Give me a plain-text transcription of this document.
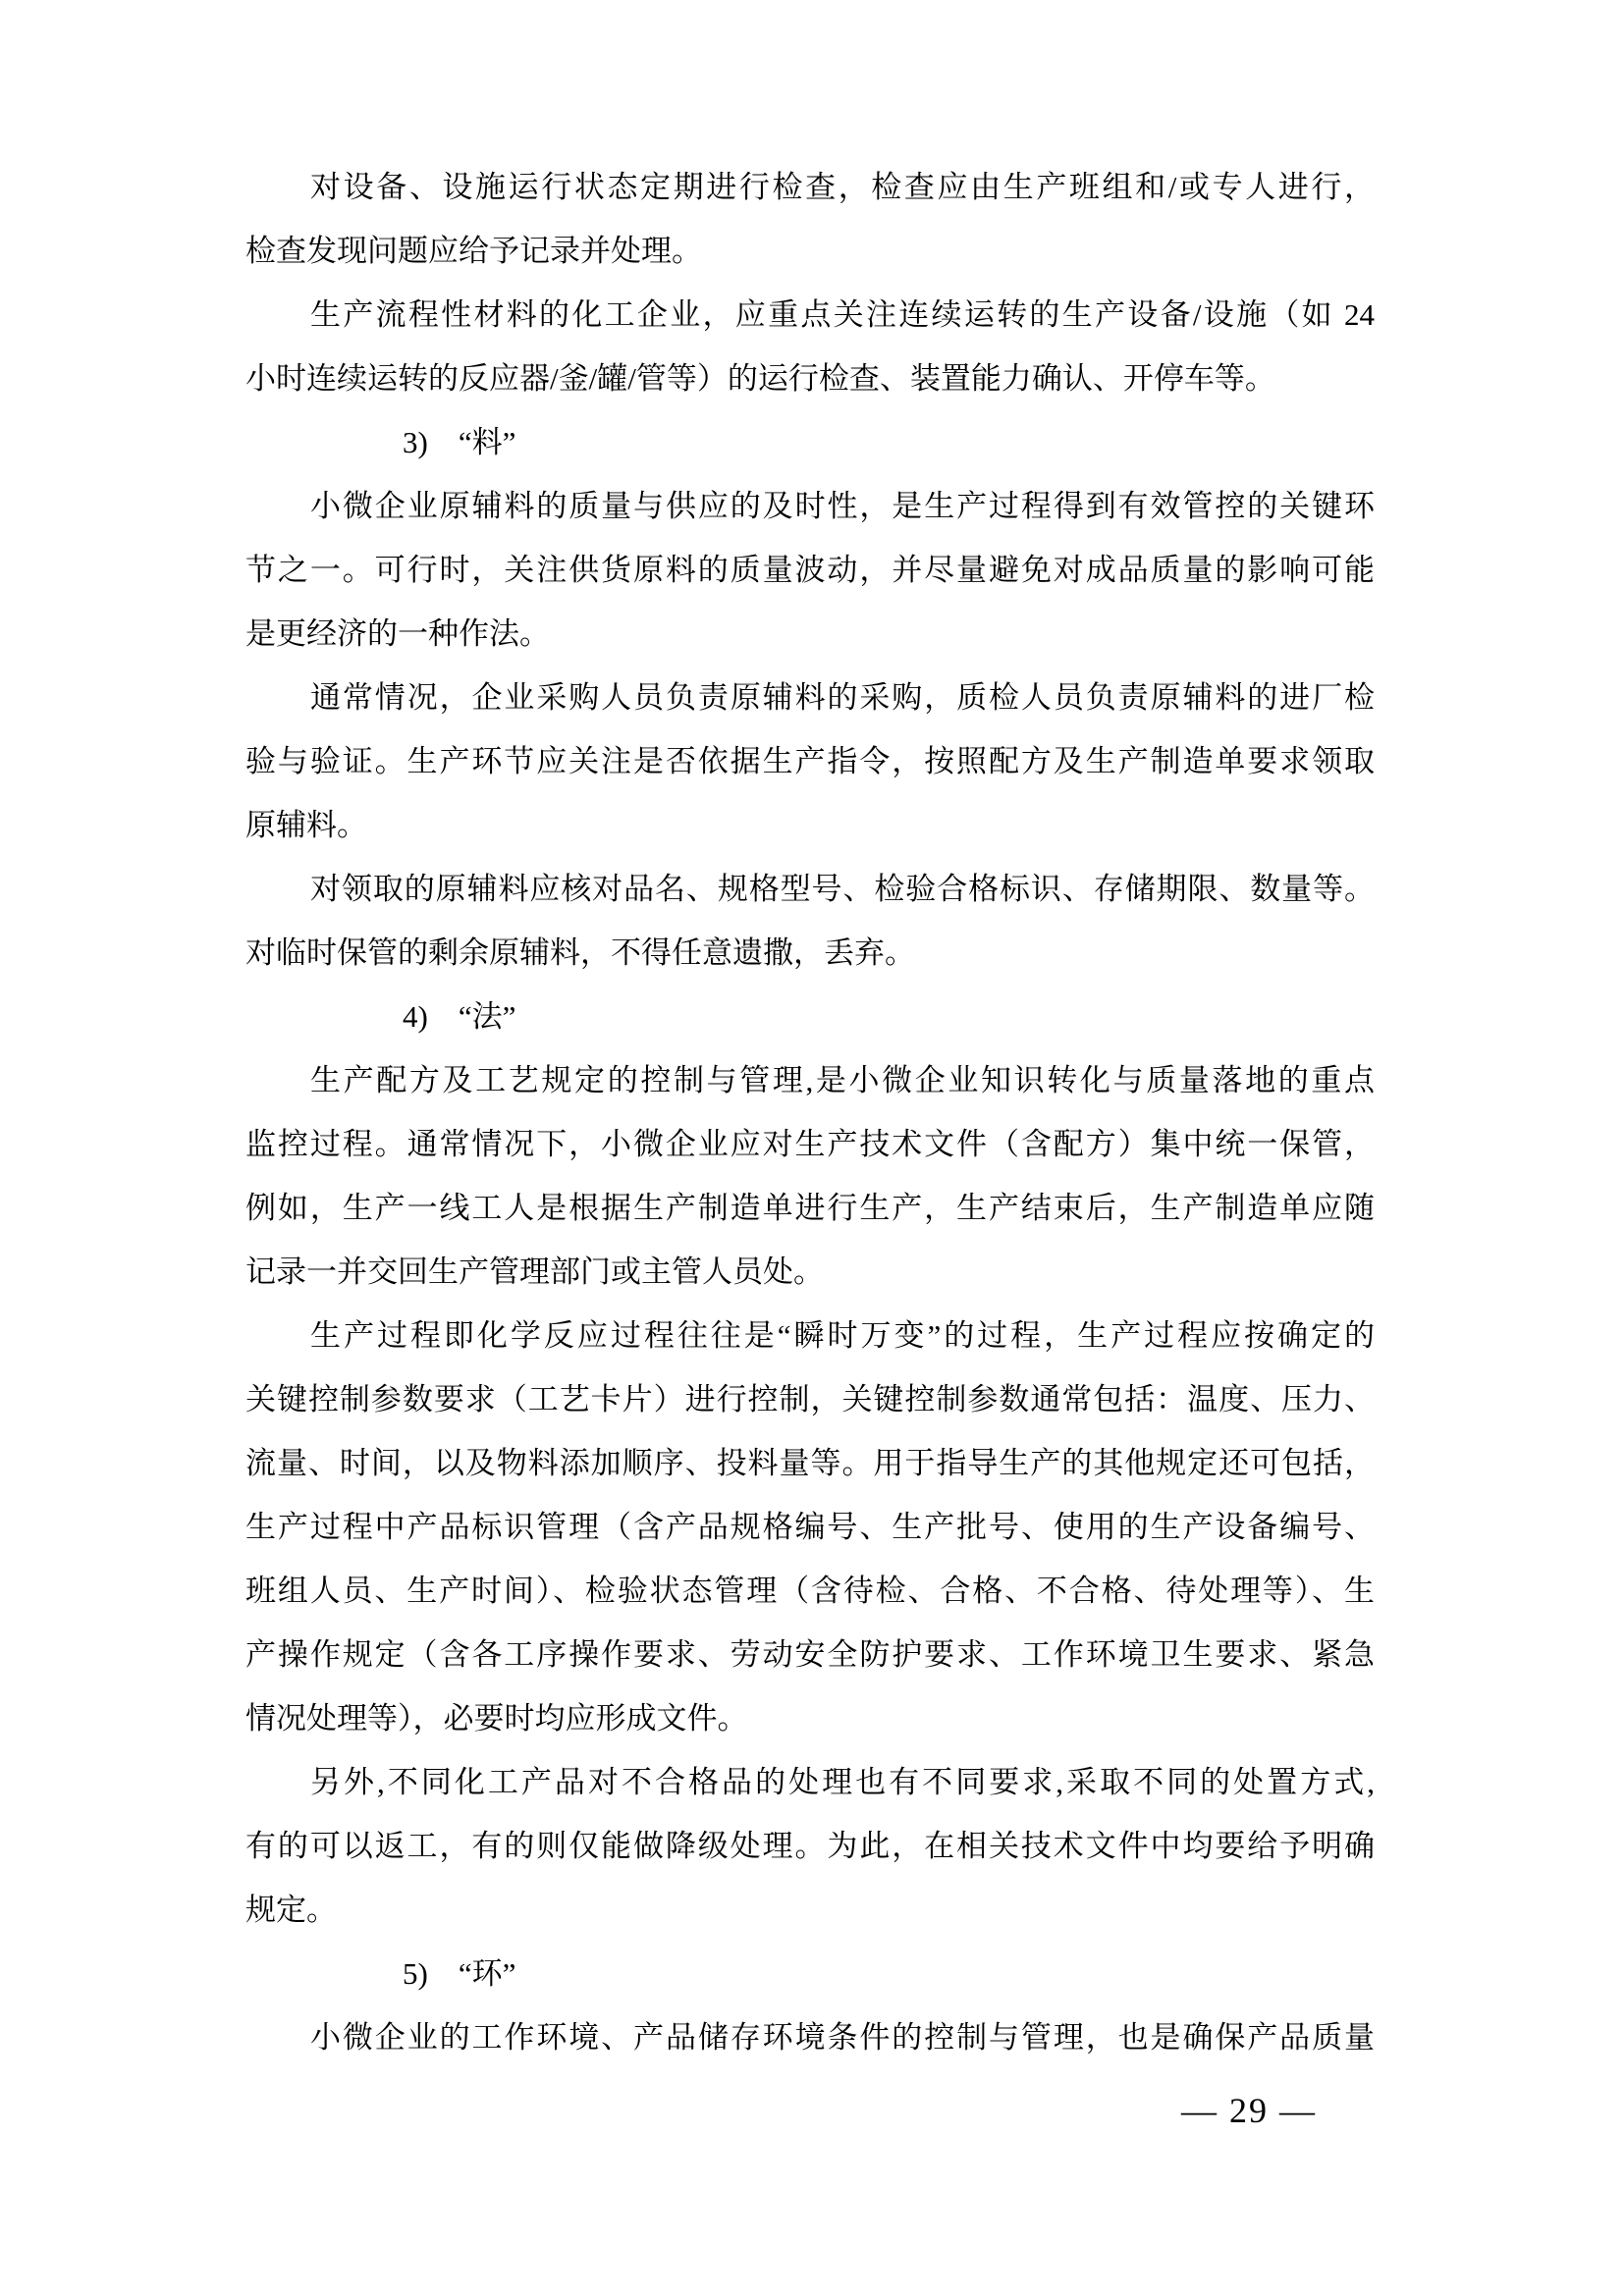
对设备、设施运行状态定期进行检查，检查应由生产班组和/或专人进行，
检查发现问题应给予记录并处理。
生产流程性材料的化工企业，应重点关注连续运转的生产设备/设施（如 24
小时连续运转的反应器/釜/罐/管等）的运行检查、装置能力确认、开停车等。
3)　“料”
小微企业原辅料的质量与供应的及时性，是生产过程得到有效管控的关键环
节之一。可行时，关注供货原料的质量波动，并尽量避免对成品质量的影响可能
是更经济的一种作法。
通常情况，企业采购人员负责原辅料的采购，质检人员负责原辅料的进厂检
验与验证。生产环节应关注是否依据生产指令，按照配方及生产制造单要求领取
原辅料。
对领取的原辅料应核对品名、规格型号、检验合格标识、存储期限、数量等。
对临时保管的剩余原辅料，不得任意遗撒，丢弃。
4)　“法”
生产配方及工艺规定的控制与管理,是小微企业知识转化与质量落地的重点
监控过程。通常情况下，小微企业应对生产技术文件（含配方）集中统一保管，
例如，生产一线工人是根据生产制造单进行生产，生产结束后，生产制造单应随
记录一并交回生产管理部门或主管人员处。
生产过程即化学反应过程往往是“瞬时万变”的过程，生产过程应按确定的
关键控制参数要求（工艺卡片）进行控制，关键控制参数通常包括：温度、压力、
流量、时间，以及物料添加顺序、投料量等。用于指导生产的其他规定还可包括，
生产过程中产品标识管理（含产品规格编号、生产批号、使用的生产设备编号、
班组人员、生产时间）、检验状态管理（含待检、合格、不合格、待处理等）、生
产操作规定（含各工序操作要求、劳动安全防护要求、工作环境卫生要求、紧急
情况处理等），必要时均应形成文件。
另外,不同化工产品对不合格品的处理也有不同要求,采取不同的处置方式,
有的可以返工，有的则仅能做降级处理。为此，在相关技术文件中均要给予明确
规定。
5)　“环”
小微企业的工作环境、产品储存环境条件的控制与管理，也是确保产品质量
— 29 —
